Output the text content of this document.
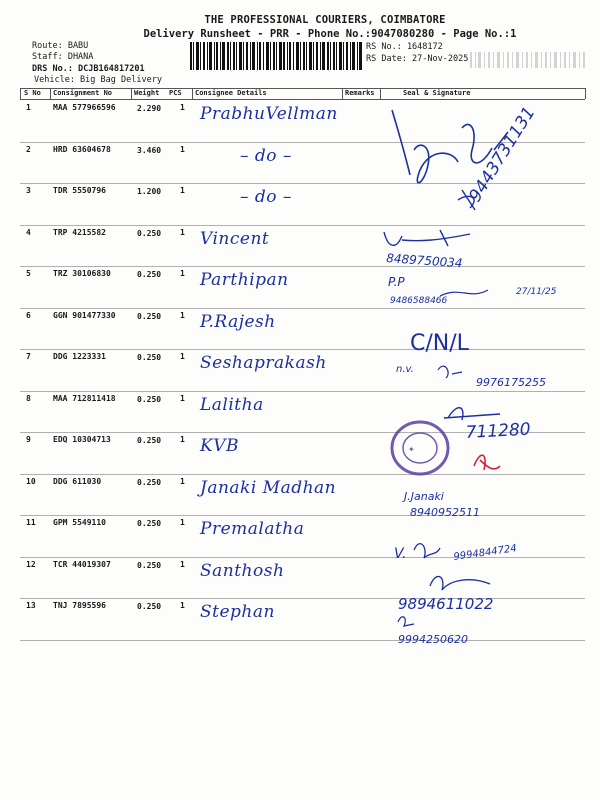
THE PROFESSIONAL COURIERS, COIMBATORE
Delivery Runsheet - PRR - Phone No.:9047080280 - Page No.:1
Route: BABU
Staff: DHANA
DRS No.: DCJB164817201
Vehicle: Big Bag Delivery
RS No.: 1648172
RS Date: 27-Nov-2025
S No Consignment No	Weight PCS Consignee Details	Remarks	Seal & Signature
1	MAA 577966596	2.290 1 PrabhuVellman
2	HRD 63604678	3.460 1	– do –
3	TDR 5550796	1.200 1	– do –
4	TRP 4215582	0.250 1 Vincent
5	TRZ 30106830	0.250 1 Parthipan
6	GGN 901477330	0.250 1 P.Rajesh
7	DDG 1223331	0.250 1 Seshaprakash
8	MAA 712811418	0.250 1 Lalitha
9	EDQ 10304713	0.250 1 KVB
10 DDG 611030	0.250 1 Janaki Madhan
11 GPM 5549110	0.250 1 Premalatha
12 TCR 44019307	0.250 1 Santhosh
13 TNJ 7895596	0.250 1 Stephan
9443731131
8489750034
P.P
9486588466
27/11/25
C/N/L
n.v.
9976175255
✦
711280
J.Janaki
8940952511
V.	9994844724
9894611022
9994250620
